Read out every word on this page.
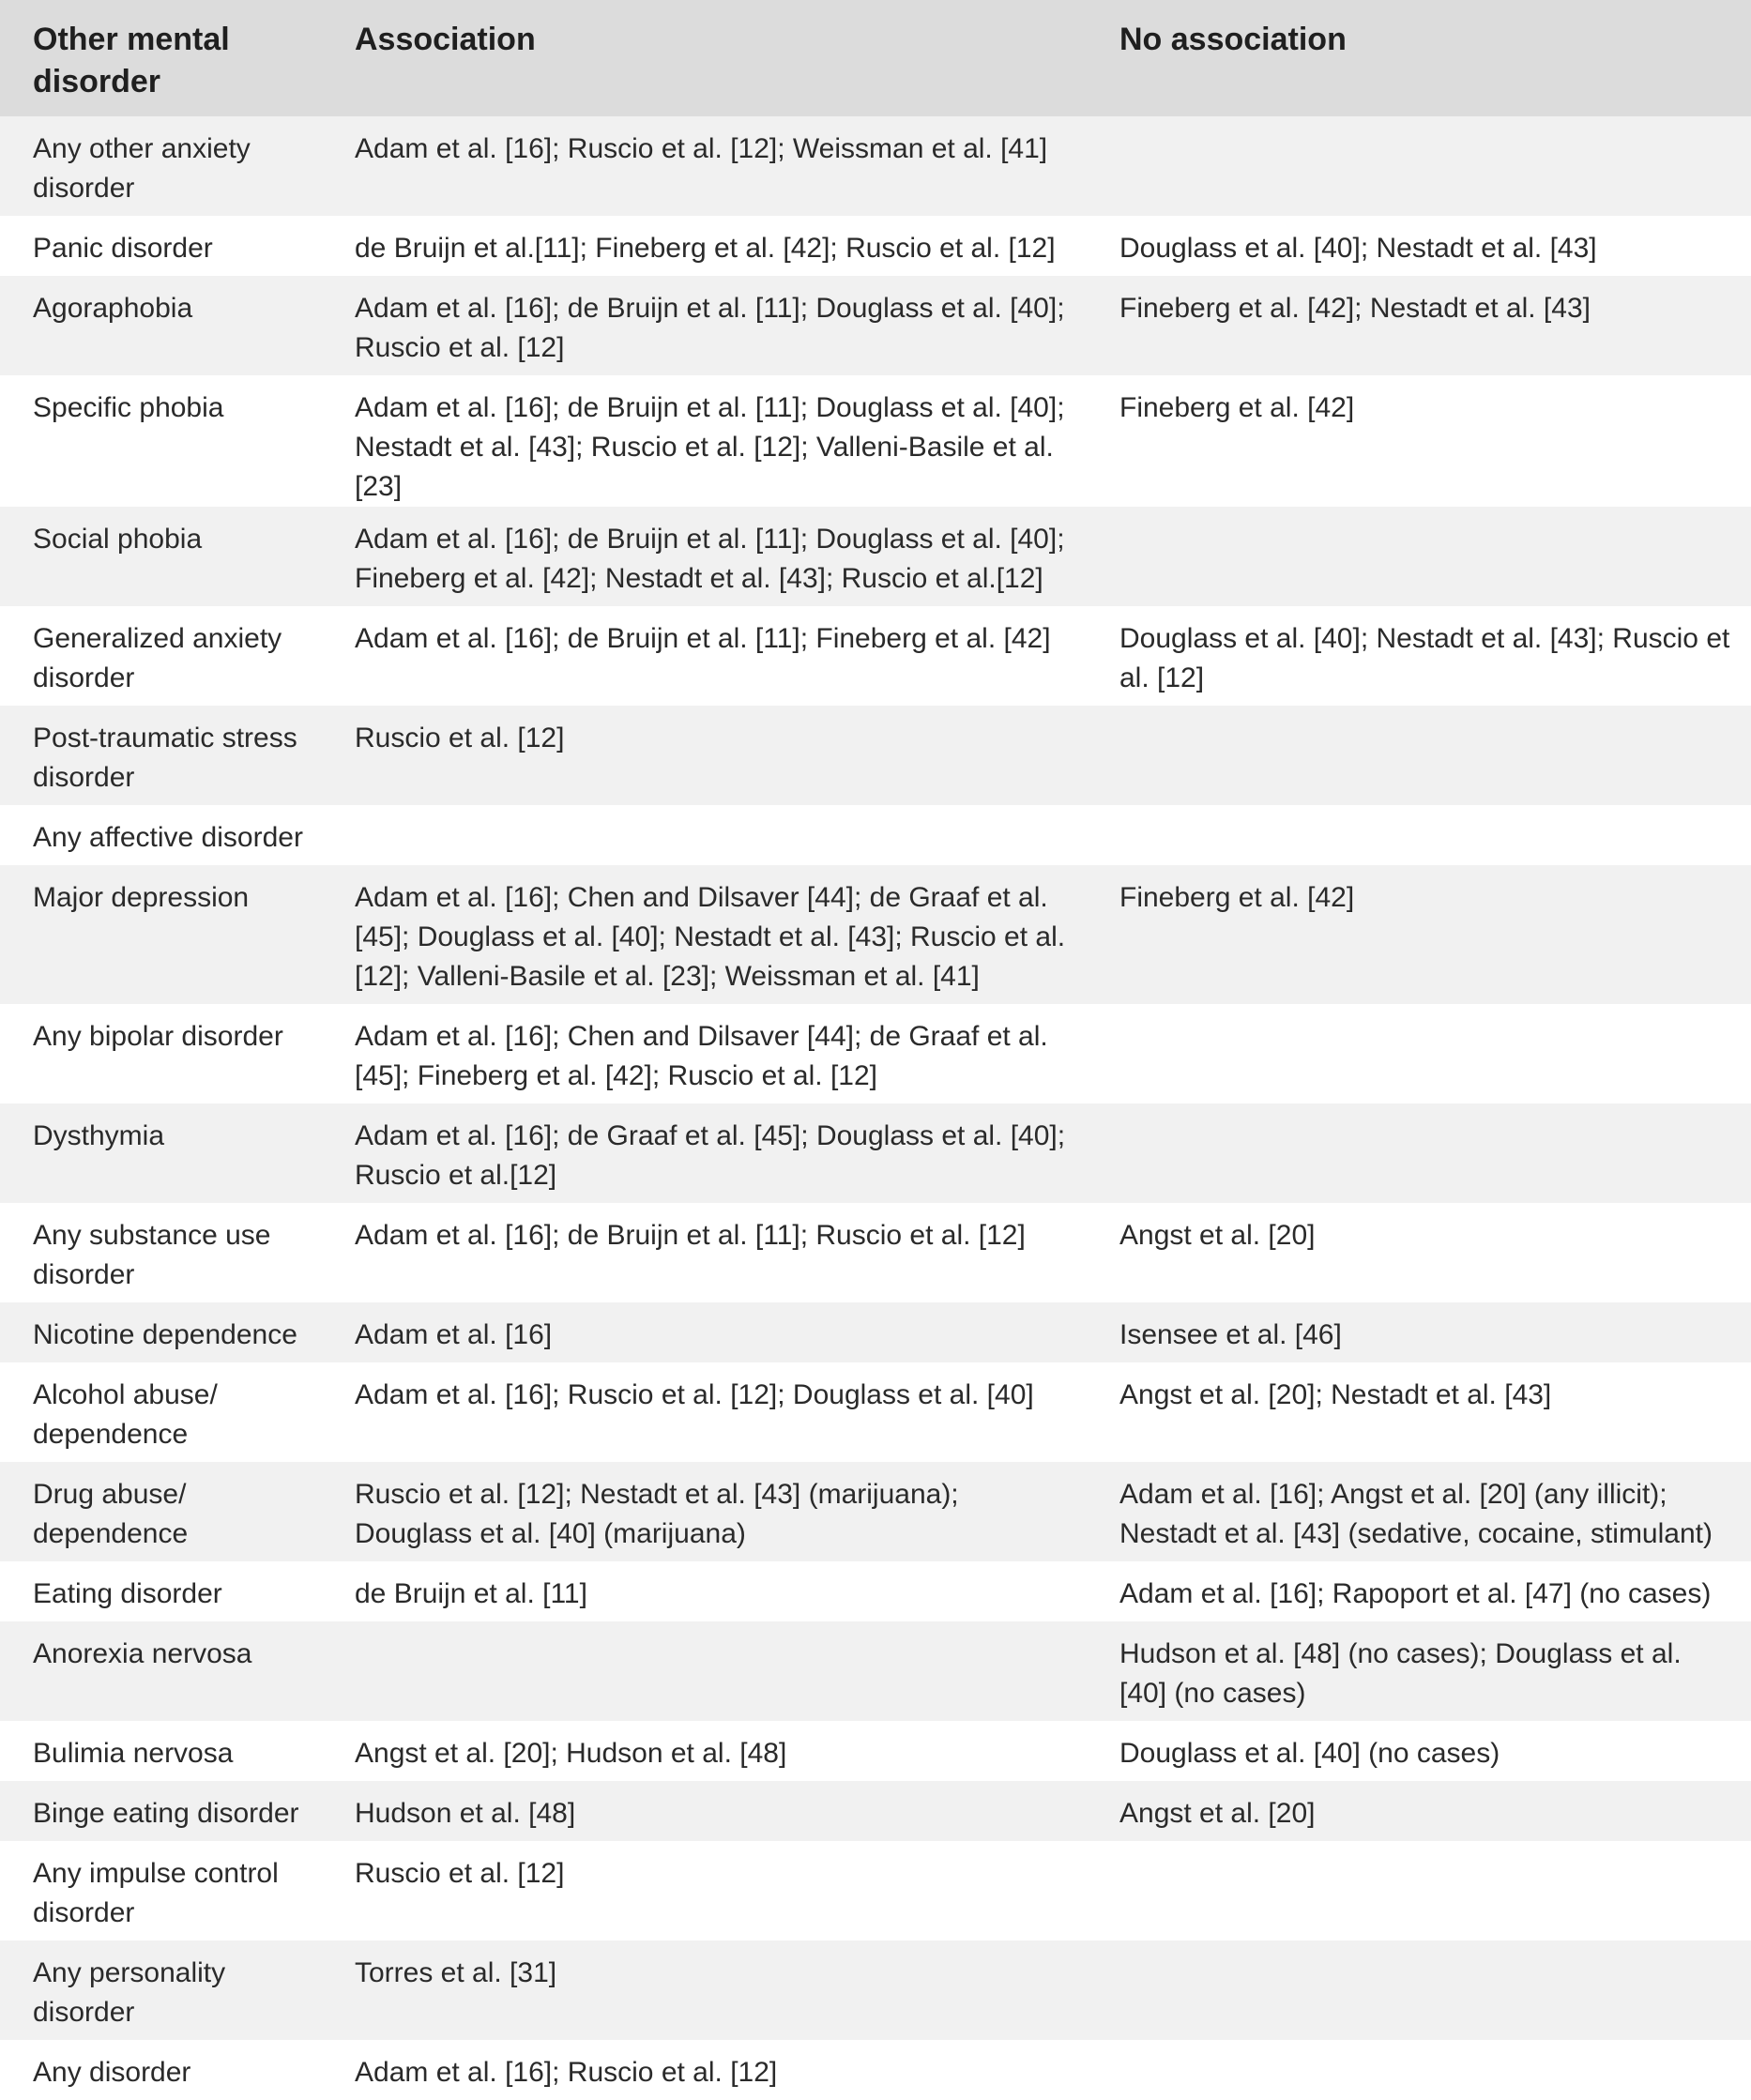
Other mental disorder	Association	No association
Any other anxiety disorder	Adam et al. [16]; Ruscio et al. [12]; Weissman et al. [41]	
Panic disorder	de Bruijn et al.[11]; Fineberg et al. [42]; Ruscio et al. [12]	Douglass et al. [40]; Nestadt et al. [43]
Agoraphobia	Adam et al. [16]; de Bruijn et al. [11]; Douglass et al. [40]; Ruscio et al. [12]	Fineberg et al. [42]; Nestadt et al. [43]
Specific phobia	Adam et al. [16]; de Bruijn et al. [11]; Douglass et al. [40]; Nestadt et al. [43]; Ruscio et al. [12]; Valleni-Basile et al. [23]	Fineberg et al. [42]
Social phobia	Adam et al. [16]; de Bruijn et al. [11]; Douglass et al. [40]; Fineberg et al. [42]; Nestadt et al. [43]; Ruscio et al.[12]	
Generalized anxiety disorder	Adam et al. [16]; de Bruijn et al. [11]; Fineberg et al. [42]	Douglass et al. [40]; Nestadt et al. [43]; Ruscio et al. [12]
Post-traumatic stress disorder	Ruscio et al. [12]	
Any affective disorder		
Major depression	Adam et al. [16]; Chen and Dilsaver [44]; de Graaf et al. [45]; Douglass et al. [40]; Nestadt et al. [43]; Ruscio et al. [12]; Valleni-Basile et al. [23]; Weissman et al. [41]	Fineberg et al. [42]
Any bipolar disorder	Adam et al. [16]; Chen and Dilsaver [44]; de Graaf et al. [45]; Fineberg et al. [42]; Ruscio et al. [12]	
Dysthymia	Adam et al. [16]; de Graaf et al. [45]; Douglass et al. [40]; Ruscio et al.[12]	
Any substance use disorder	Adam et al. [16]; de Bruijn et al. [11]; Ruscio et al. [12]	Angst et al. [20]
Nicotine dependence	Adam et al. [16]	Isensee et al. [46]
Alcohol abuse/ dependence	Adam et al. [16]; Ruscio et al. [12]; Douglass et al. [40]	Angst et al. [20]; Nestadt et al. [43]
Drug abuse/ dependence	Ruscio et al. [12]; Nestadt et al. [43] (marijuana); Douglass et al. [40] (marijuana)	Adam et al. [16]; Angst et al. [20] (any illicit); Nestadt et al. [43] (sedative, cocaine, stimulant)
Eating disorder	de Bruijn et al. [11]	Adam et al. [16]; Rapoport et al. [47] (no cases)
Anorexia nervosa		Hudson et al. [48] (no cases); Douglass et al. [40] (no cases)
Bulimia nervosa	Angst et al. [20]; Hudson et al. [48]	Douglass et al. [40] (no cases)
Binge eating disorder	Hudson et al. [48]	Angst et al. [20]
Any impulse control disorder	Ruscio et al. [12]	
Any personality disorder	Torres et al. [31]	
Any disorder	Adam et al. [16]; Ruscio et al. [12]	
